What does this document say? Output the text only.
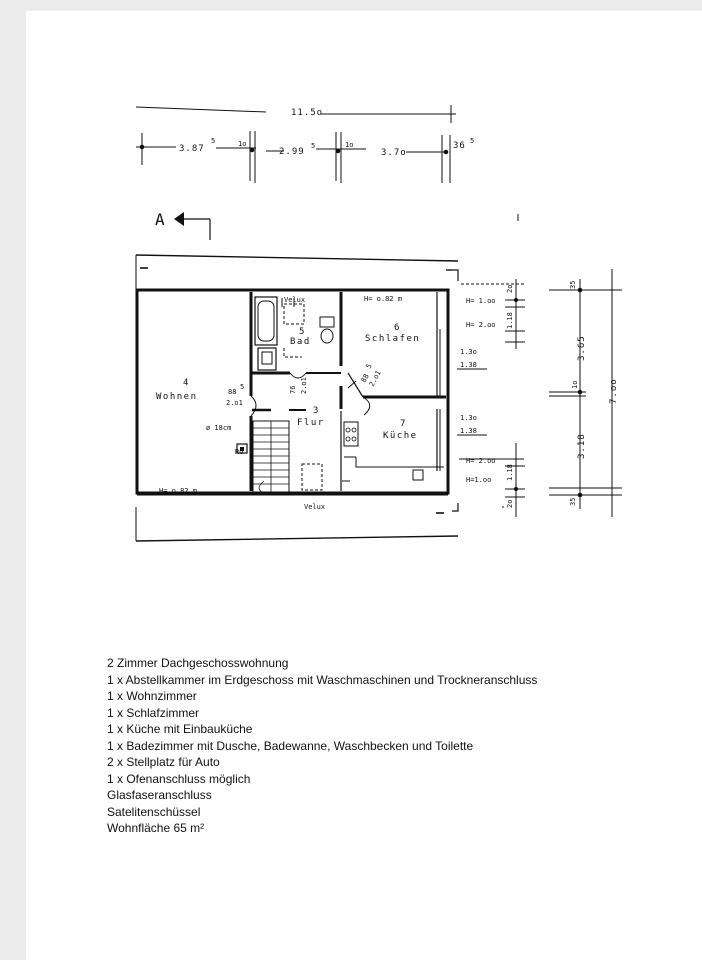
11.5o
3.87
5	1o
2.99
5	1o
3.7o
36 5
A
4
Wohnen
5
Bad
6
Schlafen
3
Flur	7
Küche
Velux
Velux
H= o.82 m
H= o.82 m
ø 18cm
RÖ
88
5
2.o1
76 2.o1	88
5
2.o1
1.3o
1.38
1.3o
1.38
H= 1.oo
H= 2.oo
H= 2.oo
H=1.oo
2o
1.18
1.18
2o
35
3.65
1o
3.18
35
7.oo
2 Zimmer Dachgeschosswohnung
1 x Abstellkammer im Erdgeschoss mit Waschmaschinen und Trockneranschluss
1 x Wohnzimmer
1 x Schlafzimmer
1 x Küche mit Einbauküche
1 x Badezimmer mit Dusche, Badewanne, Waschbecken und Toilette
2 x Stellplatz für Auto
1 x Ofenanschluss möglich
Glasfaseranschluss
Satelitenschüssel
Wohnfläche 65 m²
